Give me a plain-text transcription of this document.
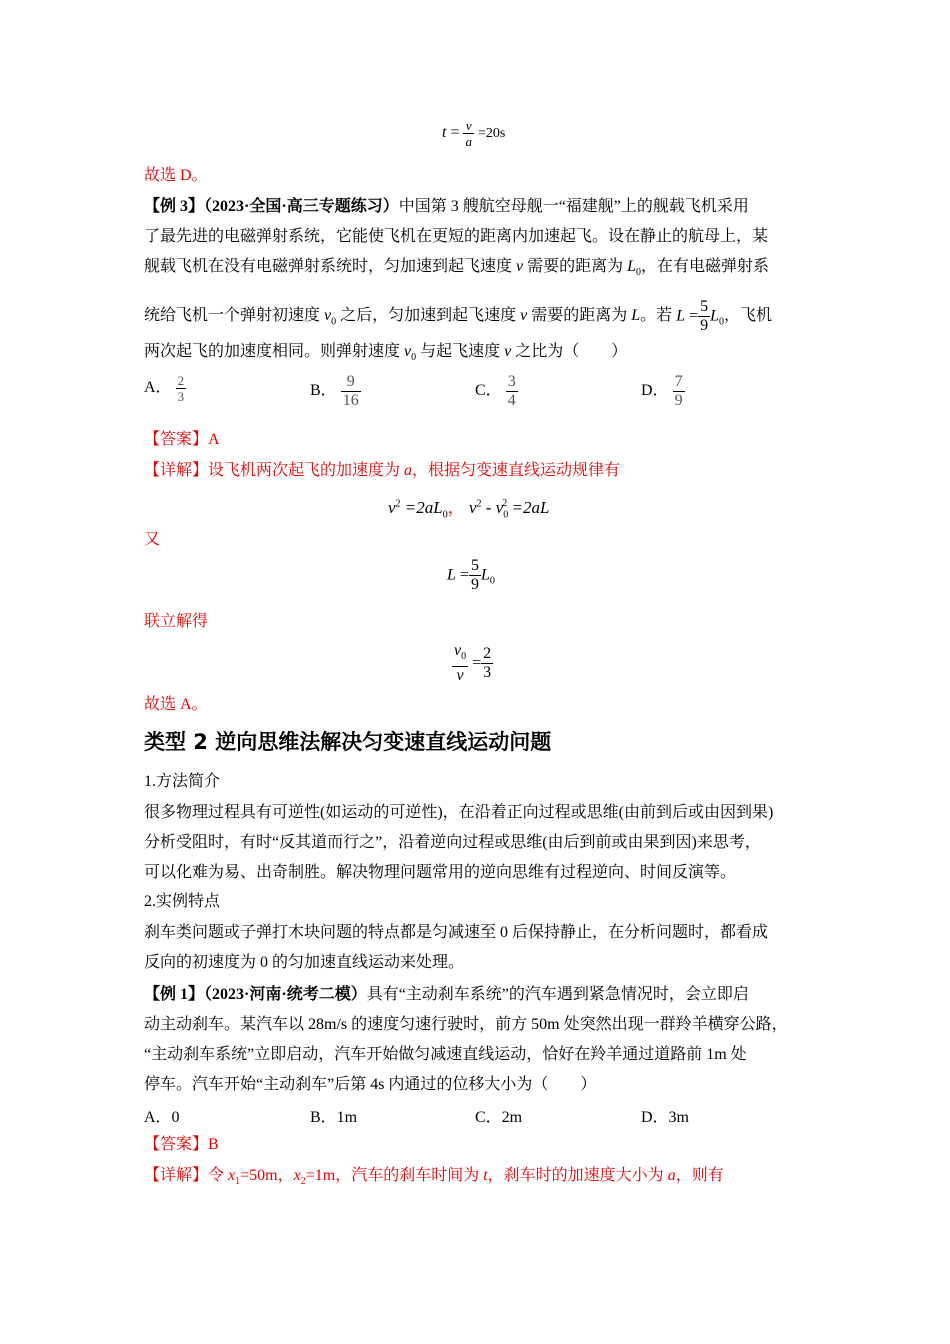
$t = \frac{v}{a} =20s$
故选 D。
【例 3】（2023·全国·高三专题练习）中国第 3 艘航空母舰一“福建舰”上的舰载飞机采用
了最先进的电磁弹射系统，它能使飞机在更短的距离内加速起飞。设在静止的航母上，某
舰载飞机在没有电磁弹射系统时，匀加速到起飞速度 v 需要的距离为 $L_0$，在有电磁弹射系
统给飞机一个弹射初速度 $v_0$ 之后，匀加速到起飞速度 v 需要的距离为 L。若 $L = \frac{5}{9} L_0$，飞机
两次起飞的加速度相同。则弹射速度 $v_0$ 与起飞速度 v 之比为（　　）
A． $\frac{2}{3}$	B． $\frac{9}{16}$	C． $\frac{3}{4}$	D． $\frac{7}{9}$
【答案】A
【详解】设飞机两次起飞的加速度为 a，根据匀变速直线运动规律有
$v^2 =2aL_0$， $v^2 - v_0^2 =2aL$
又
$L = \frac{5}{9} L_0$
联立解得
$\frac{v_0}{v} = \frac{2}{3}$
故选 A。
类型 2 逆向思维法解决匀变速直线运动问题
1.方法简介
很多物理过程具有可逆性(如运动的可逆性)，在沿着正向过程或思维(由前到后或由因到果)
分析受阻时，有时“反其道而行之”，沿着逆向过程或思维(由后到前或由果到因)来思考，
可以化难为易、出奇制胜。解决物理问题常用的逆向思维有过程逆向、时间反演等。
2.实例特点
刹车类问题或子弹打木块问题的特点都是匀减速至 0 后保持静止，在分析问题时，都看成
反向的初速度为 0 的匀加速直线运动来处理。
【例 1】（2023·河南·统考二模）具有“主动刹车系统”的汽车遇到紧急情况时，会立即启
动主动刹车。某汽车以 28m/s 的速度匀速行驶时，前方 50m 处突然出现一群羚羊横穿公路，
“主动刹车系统”立即启动，汽车开始做匀减速直线运动，恰好在羚羊通过道路前 1m 处
停车。汽车开始“主动刹车”后第 4s 内通过的位移大小为（　　）
A．0	B．1m	C．2m	D．3m
【答案】B
【详解】令 $x_1=50m$，$x_2=1m$，汽车的刹车时间为 t，刹车时的加速度大小为 a，则有
